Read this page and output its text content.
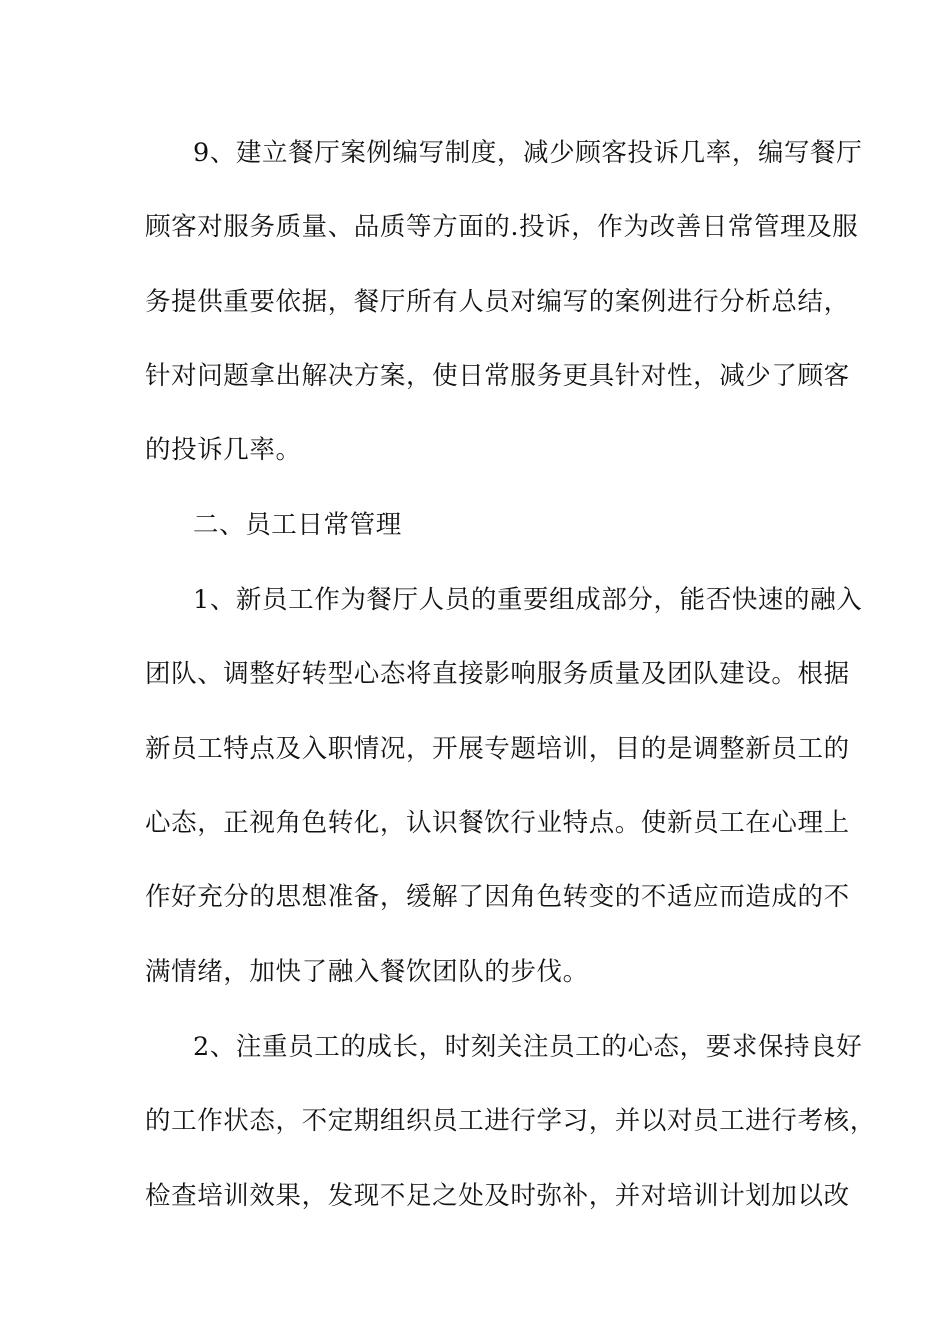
9、建立餐厅案例编写制度，减少顾客投诉几率，编写餐厅
顾客对服务质量、品质等方面的.投诉，作为改善日常管理及服
务提供重要依据，餐厅所有人员对编写的案例进行分析总结，
针对问题拿出解决方案，使日常服务更具针对性，减少了顾客
的投诉几率。
二、员工日常管理
1、新员工作为餐厅人员的重要组成部分，能否快速的融入
团队、调整好转型心态将直接影响服务质量及团队建设。根据
新员工特点及入职情况，开展专题培训，目的是调整新员工的
心态，正视角色转化，认识餐饮行业特点。使新员工在心理上
作好充分的思想准备，缓解了因角色转变的不适应而造成的不
满情绪，加快了融入餐饮团队的步伐。
2、注重员工的成长，时刻关注员工的心态，要求保持良好
的工作状态，不定期组织员工进行学习，并以对员工进行考核，
检查培训效果，发现不足之处及时弥补，并对培训计划加以改
